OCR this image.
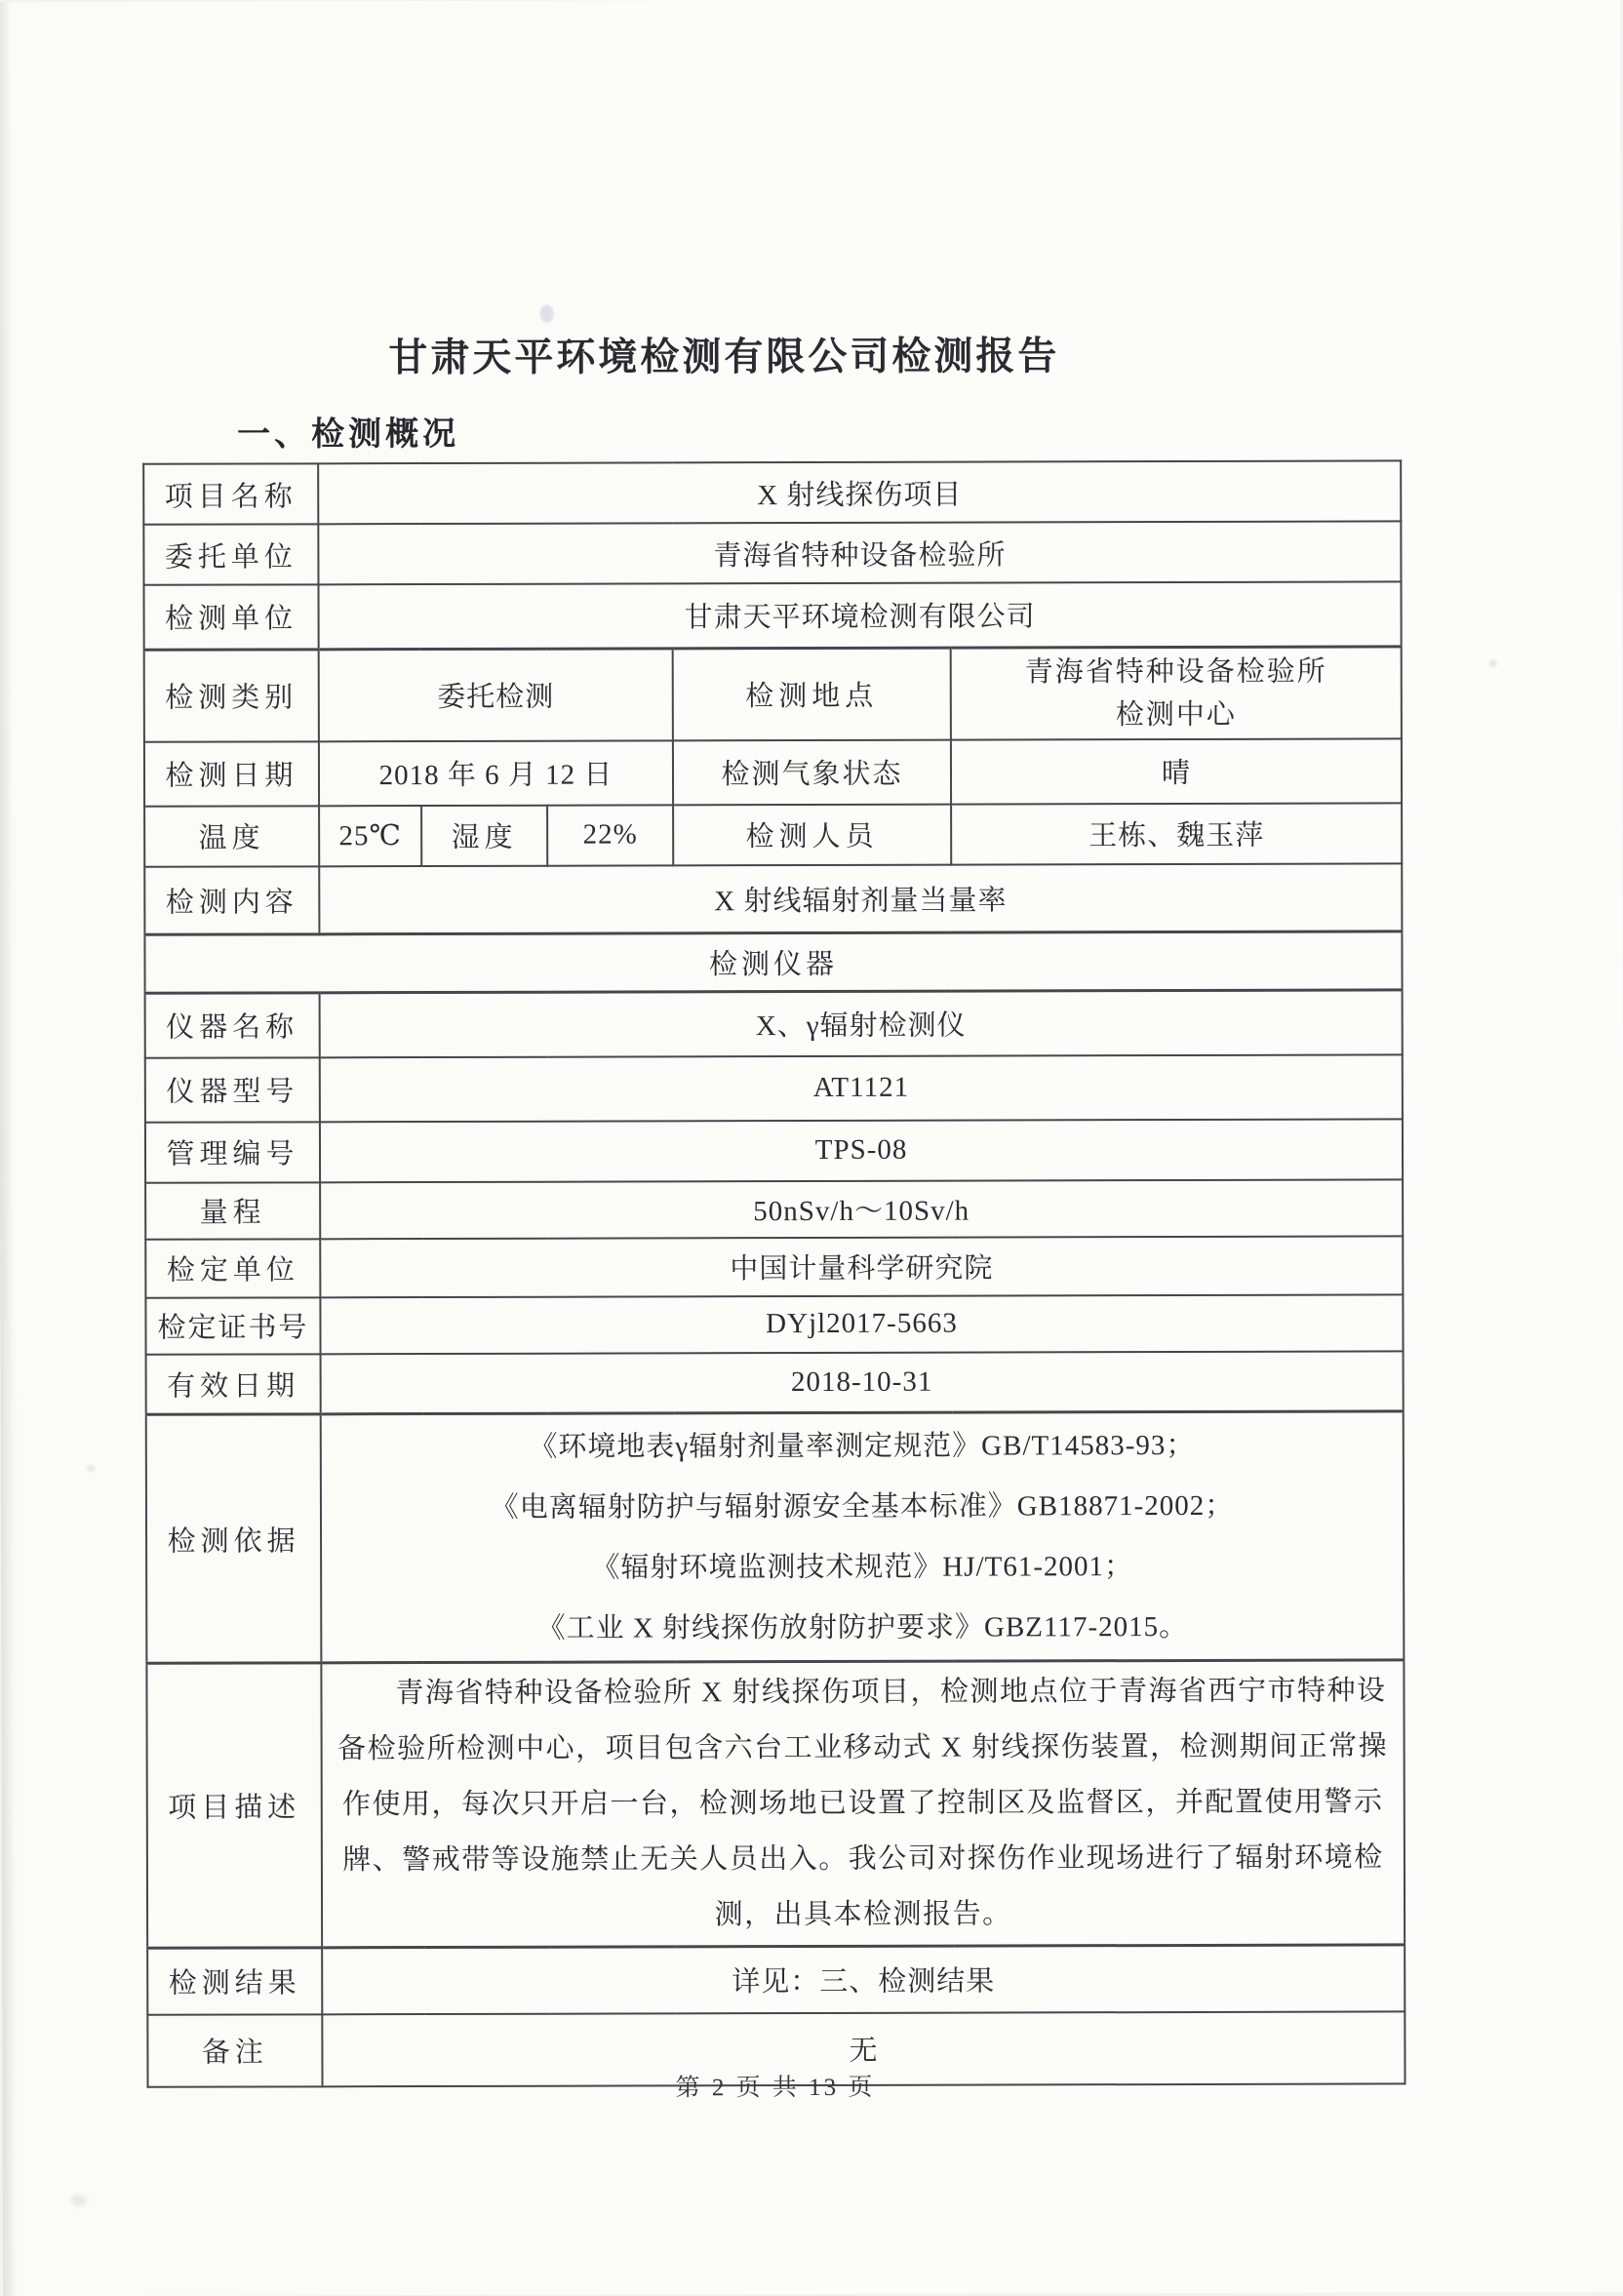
甘肃天平环境检测有限公司检测报告
一、检测概况
项目名称	X 射线探伤项目				
委托单位	青海省特种设备检验所				
检测单位	甘肃天平环境检测有限公司				
检测类别	委托检测			检测地点	青海省特种设备检验所
检测中心

检测日期	2018 年 6 月 12 日			检测气象状态	晴
温度	25℃	湿度	22%	检测人员	王栋、魏玉萍
检测内容	X 射线辐射剂量当量率				
检测仪器					
仪器名称	X、γ辐射检测仪				
仪器型号	AT1121				
管理编号	TPS-08				
量程	50nSv/h～10Sv/h				
检定单位	中国计量科学研究院				
检定证书号	DYjl2017-5663				
有效日期	2018-10-31				
检测依据	《环境地表γ辐射剂量率测定规范》GB/T14583-93；
《电离辐射防护与辐射源安全基本标准》GB18871-2002；
《辐射环境监测技术规范》HJ/T61-2001；
《工业 X 射线探伤放射防护要求》GBZ117-2015。				

项目描述	青海省特种设备检验所 X 射线探伤项目，检测地点位于青海省西宁市特种设备检验所检测中心，项目包含六台工业移动式 X 射线探伤装置，检测期间正常操作使用，每次只开启一台，检测场地已设置了控制区及监督区，并配置使用警示牌、警戒带等设施禁止无关人员出入。我公司对探伤作业现场进行了辐射环境检测，出具本检测报告。				

检测结果	详见：三、检测结果				
备注	无				
第 2 页 共 13 页
